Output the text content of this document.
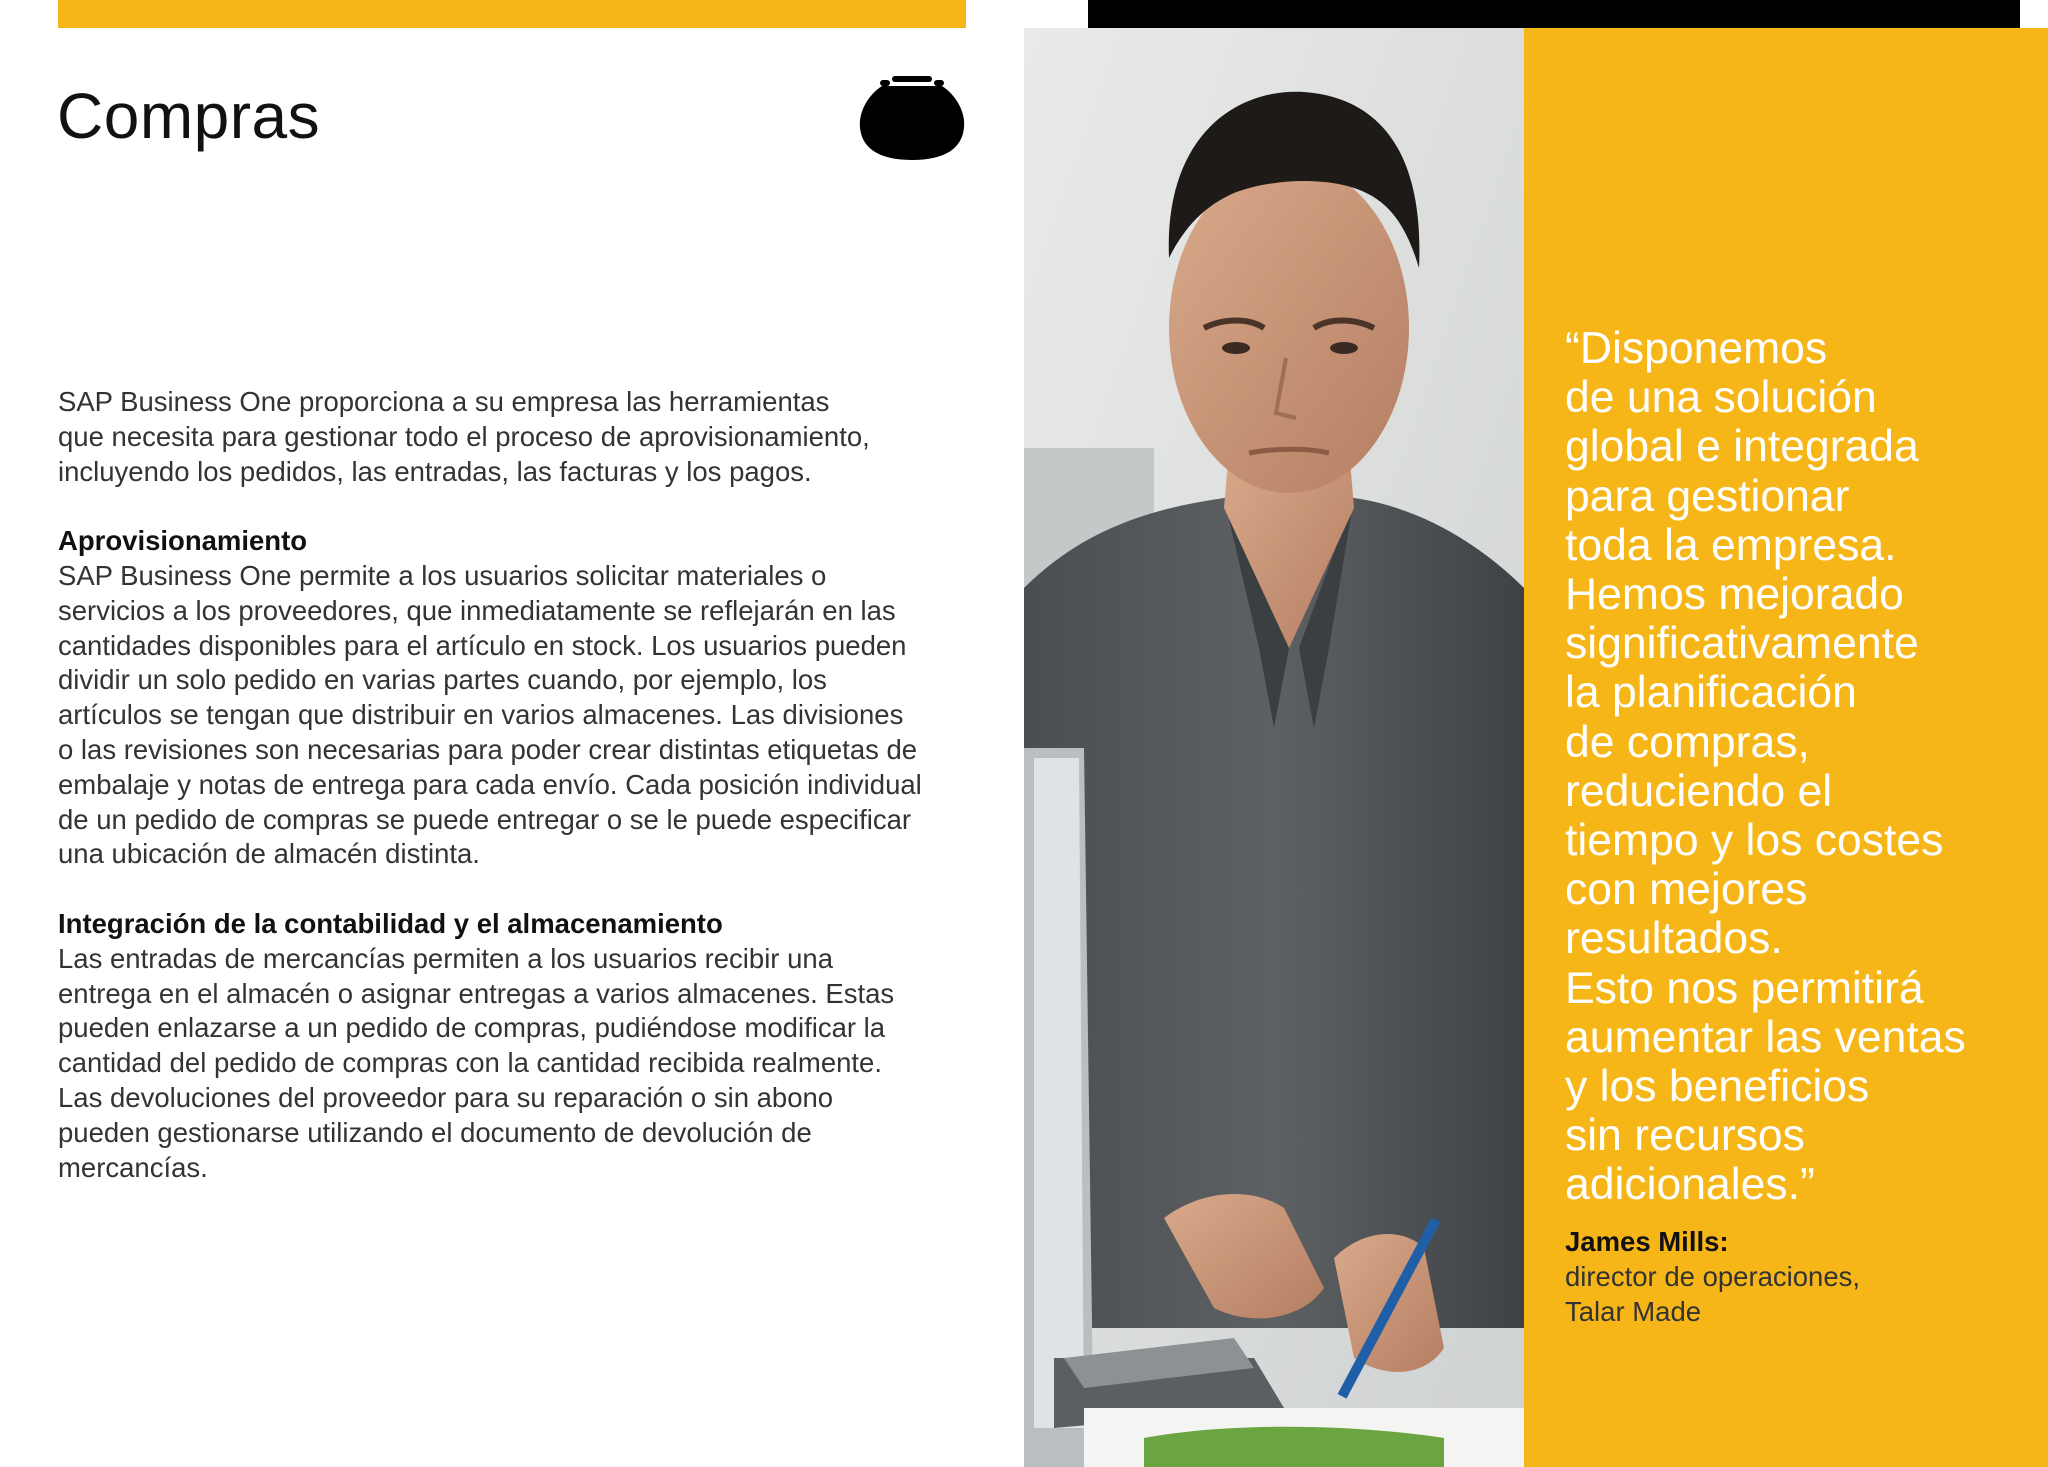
Compras

SAP Business One proporciona a su empresa las herramientas
que necesita para gestionar todo el proceso de aprovisionamiento,
incluyendo los pedidos, las entradas, las facturas y los pagos.

Aprovisionamiento

SAP Business One permite a los usuarios solicitar materiales o
servicios a los proveedores, que inmediatamente se reflejarán en las
cantidades disponibles para el artículo en stock. Los usuarios pueden
dividir un solo pedido en varias partes cuando, por ejemplo, los
artículos se tengan que distribuir en varios almacenes. Las divisiones
o las revisiones son necesarias para poder crear distintas etiquetas de
embalaje y notas de entrega para cada envío. Cada posición individual
de un pedido de compras se puede entregar o se le puede especificar
una ubicación de almacén distinta.

Integración de la contabilidad y el almacenamiento

Las entradas de mercancías permiten a los usuarios recibir una
entrega en el almacén o asignar entregas a varios almacenes. Estas
pueden enlazarse a un pedido de compras, pudiéndose modificar la
cantidad del pedido de compras con la cantidad recibida realmente.
Las devoluciones del proveedor para su reparación o sin abono
pueden gestionarse utilizando el documento de devolución de
mercancías.

“Disponemos
de una solución
global e integrada
para gestionar
toda la empresa.
Hemos mejorado
significativamente
la planificación
de compras,
reduciendo el
tiempo y los costes
con mejores
resultados.
Esto nos permitirá
aumentar las ventas
y los beneficios
sin recursos
adicionales.”

James Mills:
director de operaciones,
Talar Made
